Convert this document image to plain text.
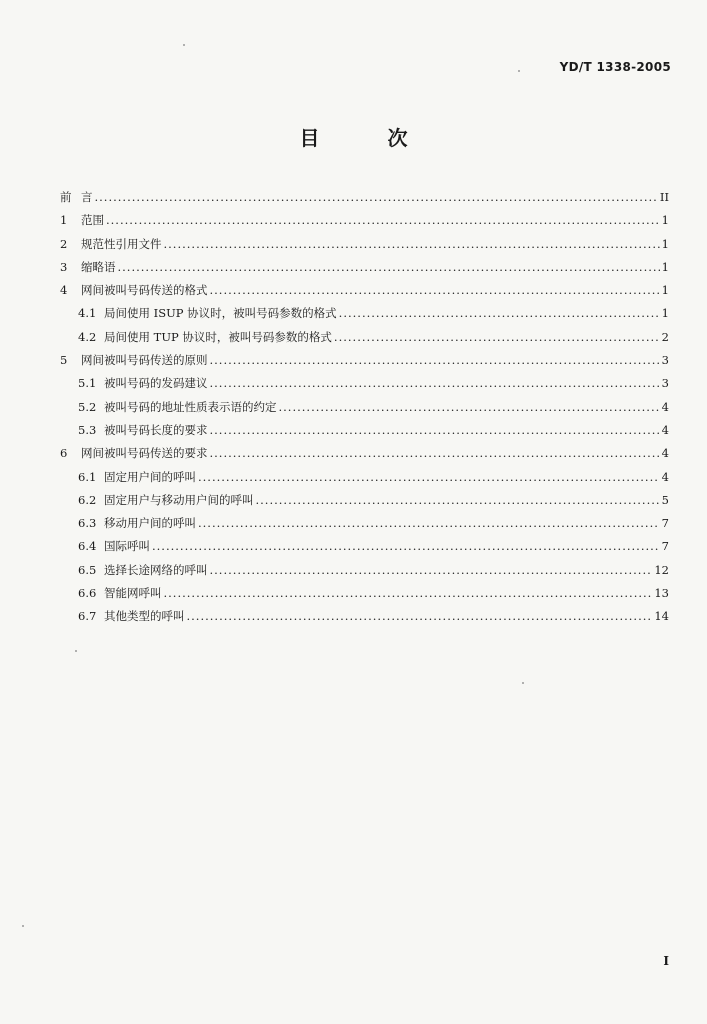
YD/T 1338-2005
目	次
前 言 .....	II
1	范围 .....	1
2	规范性引用文件 .....	1
3	缩略语 .....	1
4	网间被叫号码传送的格式 .....	1
4.1 局间使用 ISUP 协议时，被叫号码参数的格式 .....	1
4.2 局间使用 TUP 协议时，被叫号码参数的格式 .....	2
5	网间被叫号码传送的原则 .....	3
5.1 被叫号码的发码建议 .....	3
5.2 被叫号码的地址性质表示语的约定 .....	4
5.3 被叫号码长度的要求 .....	4
6	网间被叫号码传送的要求 .....	4
6.1 固定用户间的呼叫 .....	4
6.2 固定用户与移动用户间的呼叫 .....	5
6.3 移动用户间的呼叫 .....	7
6.4 国际呼叫 .....	7
6.5 选择长途网络的呼叫 .....	12
6.6 智能网呼叫 .....	13
6.7 其他类型的呼叫 .....	14
I
